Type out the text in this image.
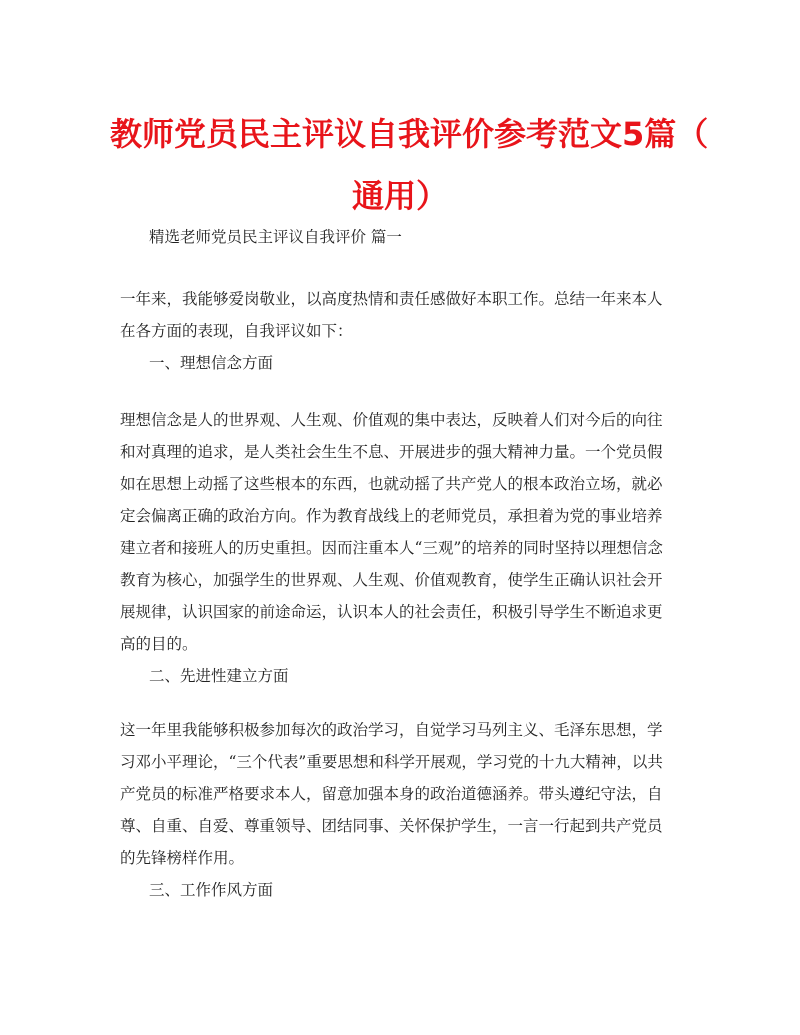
教师党员民主评议自我评价参考范文5篇（
通用）
精选老师党员民主评议自我评价 篇一
一年来，我能够爱岗敬业，以高度热情和责任感做好本职工作。总结一年来本人
在各方面的表现，自我评议如下：
一、理想信念方面
理想信念是人的世界观、人生观、价值观的集中表达，反映着人们对今后的向往
和对真理的追求，是人类社会生生不息、开展进步的强大精神力量。一个党员假
如在思想上动摇了这些根本的东西，也就动摇了共产党人的根本政治立场，就必
定会偏离正确的政治方向。作为教育战线上的老师党员，承担着为党的事业培养
建立者和接班人的历史重担。因而注重本人“三观”的培养的同时坚持以理想信念
教育为核心，加强学生的世界观、人生观、价值观教育，使学生正确认识社会开
展规律，认识国家的前途命运，认识本人的社会责任，积极引导学生不断追求更
高的目的。
二、先进性建立方面
这一年里我能够积极参加每次的政治学习，自觉学习马列主义、毛泽东思想，学
习邓小平理论，“三个代表”重要思想和科学开展观，学习党的十九大精神，以共
产党员的标准严格要求本人，留意加强本身的政治道德涵养。带头遵纪守法，自
尊、自重、自爱、尊重领导、团结同事、关怀保护学生，一言一行起到共产党员
的先锋榜样作用。
三、工作作风方面
